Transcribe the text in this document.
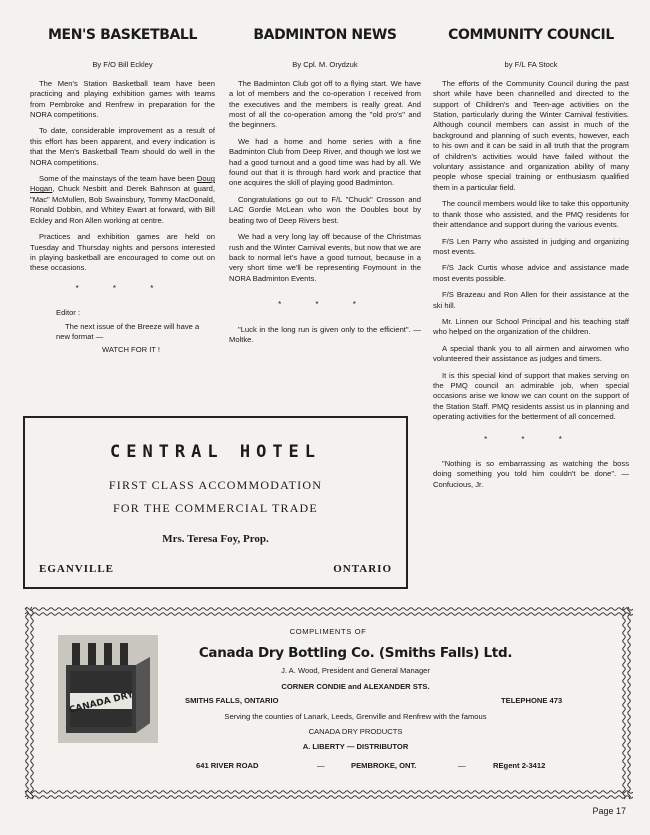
MEN'S BASKETBALL
By F/O Bill Eckley

The Men's Station Basketball team have been practicing and playing exhibition games with teams from Pembroke and Renfrew in preparation for the NORA competitions.

To date, considerable improvement as a result of this effort has been apparent, and every indication is that the Men's Basketball Team should do well in the NORA competitions.

Some of the mainstays of the team have been Doug Hogan, Chuck Nesbitt and Derek Bahnson at guard, "Mac" McMullen, Bob Swainsbury, Tommy MacDonald, Ronald Dobbin, and Whitey Ewart at forward, with Bill Eckley and Ron Allen working at centre.

Practices and exhibition games are held on Tuesday and Thursday nights and persons interested in playing basketball are encouraged to come out on these occasions.

* * *
Editor :
The next issue of the Breeze will have a new format —
WATCH FOR IT !
BADMINTON NEWS
By Cpl. M. Orydzuk

The Badminton Club got off to a flying start. We have a lot of members and the co-operation I received from the executives and the members is really great. And most of all the co-operation among the "old pro's" and the beginners.

We had a home and home series with a fine Badminton Club from Deep River, and though we lost we had a good turnout and a good time was had by all. We found out that it is through hard work and practice that one acquires the skill of playing good Badminton.

Congratulations go out to F/L "Chuck" Crosson and LAC Gordie McLean who won the Doubles bout by beating two of Deep Rivers best.

We had a very long lay off because of the Christmas rush and the Winter Carnival events, but now that we are back to normal let's have a good turnout, because in a very short time we'll be representing Foymount in the NORA Badminton Events.

* * *

"Luck in the long run is given only to the efficient". — Moltke.

COMMUNITY COUNCIL
by F/L FA Stock

The efforts of the Community Council during the past short while have been channelled and directed to the support of Children's and Teen-age activities on the Station, particularly during the Winter Carnival festivities. Although council members can assist in much of the background and planning of such events, however, each to his own and it can be said in all truth that the program of children's activities would have failed without the voluntary assistance and organization ability of many people whose special training or enthusiasm qualified them in a particular field.

The council members would like to take this opportunity to thank those who assisted, and the PMQ residents for their attendance and support during the various events.

F/S Len Parry who assisted in judging and organizing most events.

F/S Jack Curtis whose advice and assistance made most events possible.

F/S Brazeau and Ron Allen for their assistance at the ski hill.

Mr. Linnen our School Principal and his teaching staff who helped on the organization of the children.

A special thank you to all airmen and airwomen who volunteered their assistance as judges and timers.

It is this special kind of support that makes serving on the PMQ council an admirable job, when special occasions arise we know we can count on the support of the Station Staff. PMQ residents assist us in planning and operating activities for the betterment of all concerned.

* * *

"Nothing is so embarrassing as watching the boss doing something you told him couldn't be done". — Confucious, Jr.

CENTRAL HOTEL
FIRST CLASS ACCOMMODATION
FOR THE COMMERCIAL TRADE
Mrs. Teresa Foy, Prop.
EGANVILLE	ONTARIO
CANADA DRY
COMPLIMENTS OF
Canada Dry Bottling Co. (Smiths Falls) Ltd.
J. A. Wood, President and General Manager
CORNER CONDIE and ALEXANDER STS.
SMITHS FALLS, ONTARIO	TELEPHONE 473
Serving the counties of Lanark, Leeds, Grenville and Renfrew with the famous
CANADA DRY PRODUCTS
A. LIBERTY — DISTRIBUTOR
641 RIVER ROAD	—	PEMBROKE, ONT.	—	REgent 2-3412
Page 17
